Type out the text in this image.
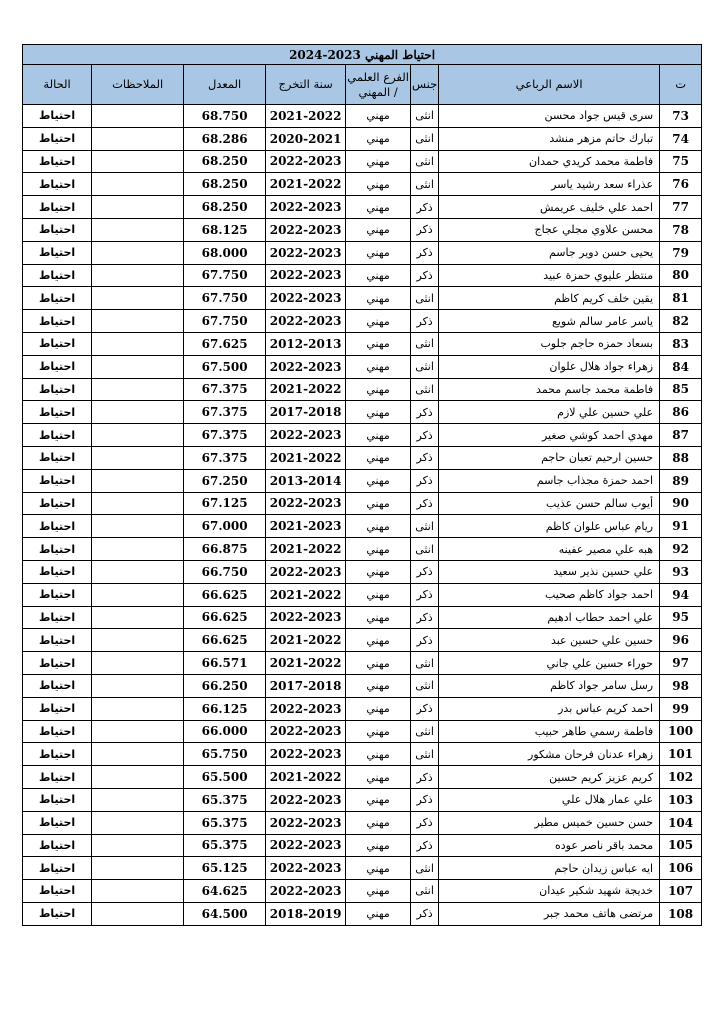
احتياط المهني 2023-2024							
ت	الاسم الرباعي	جنس	الفرع العلمي / المهني	سنة التخرج	المعدل	الملاحظات	الحالة
73	سرى قيس جواد محسن	انثى	مهني	2021-2022	68.750		احتياط
74	تبارك حاتم مزهر منشد	انثى	مهني	2020-2021	68.286		احتياط
75	فاطمة محمد كريدي حمدان	انثى	مهني	2022-2023	68.250		احتياط
76	عذراء سعد رشيد ياسر	انثى	مهني	2021-2022	68.250		احتياط
77	احمد علي خليف عريمش	ذكر	مهني	2022-2023	68.250		احتياط
78	محسن علاوي مجلي عجاج	ذكر	مهني	2022-2023	68.125		احتياط
79	يحيى حسن دوير جاسم	ذكر	مهني	2022-2023	68.000		احتياط
80	منتظر عليوي حمزة عبيد	ذكر	مهني	2022-2023	67.750		احتياط
81	يقين خلف كريم كاظم	انثى	مهني	2022-2023	67.750		احتياط
82	ياسر عامر سالم شويع	ذكر	مهني	2022-2023	67.750		احتياط
83	بسعاد حمزه حاجم جلوب	انثى	مهني	2012-2013	67.625		احتياط
84	زهراء جواد هلال علوان	انثى	مهني	2022-2023	67.500		احتياط
85	فاطمة محمد جاسم محمد	انثى	مهني	2021-2022	67.375		احتياط
86	علي حسين علي لازم	ذكر	مهني	2017-2018	67.375		احتياط
87	مهدي احمد كوشي صغير	ذكر	مهني	2022-2023	67.375		احتياط
88	حسين ارحيم تعبان حاجم	ذكر	مهني	2021-2022	67.375		احتياط
89	احمد حمزة مجذاب جاسم	ذكر	مهني	2013-2014	67.250		احتياط
90	أيوب سالم حسن عذيب	ذكر	مهني	2022-2023	67.125		احتياط
91	ريام عباس علوان كاظم	انثى	مهني	2021-2023	67.000		احتياط
92	هبه علي مصير عفينه	انثى	مهني	2021-2022	66.875		احتياط
93	علي حسين نذير سعيد	ذكر	مهني	2022-2023	66.750		احتياط
94	احمد جواد كاظم صحيب	ذكر	مهني	2021-2022	66.625		احتياط
95	علي احمد حطاب ادهيم	ذكر	مهني	2022-2023	66.625		احتياط
96	حسين علي حسين عبد	ذكر	مهني	2021-2022	66.625		احتياط
97	حوراء حسين علي جاني	انثى	مهني	2021-2022	66.571		احتياط
98	رسل سامر جواد كاظم	انثى	مهني	2017-2018	66.250		احتياط
99	احمد كريم عباس بدر	ذكر	مهني	2022-2023	66.125		احتياط
100	فاطمة رسمي طاهر حبيب	انثى	مهني	2022-2023	66.000		احتياط
101	زهراء عدنان فرحان مشكور	انثى	مهني	2022-2023	65.750		احتياط
102	كريم عزيز كريم حسين	ذكر	مهني	2021-2022	65.500		احتياط
103	علي عمار هلال علي	ذكر	مهني	2022-2023	65.375		احتياط
104	حسن حسين خميس مطير	ذكر	مهني	2022-2023	65.375		احتياط
105	محمد باقر ناصر عوده	ذكر	مهني	2022-2023	65.375		احتياط
106	ايه عباس زيدان حاجم	انثى	مهني	2022-2023	65.125		احتياط
107	خديجة شهيد شكير عيدان	انثى	مهني	2022-2023	64.625		احتياط
108	مرتضى هاتف محمد جبر	ذكر	مهني	2018-2019	64.500		احتياط
